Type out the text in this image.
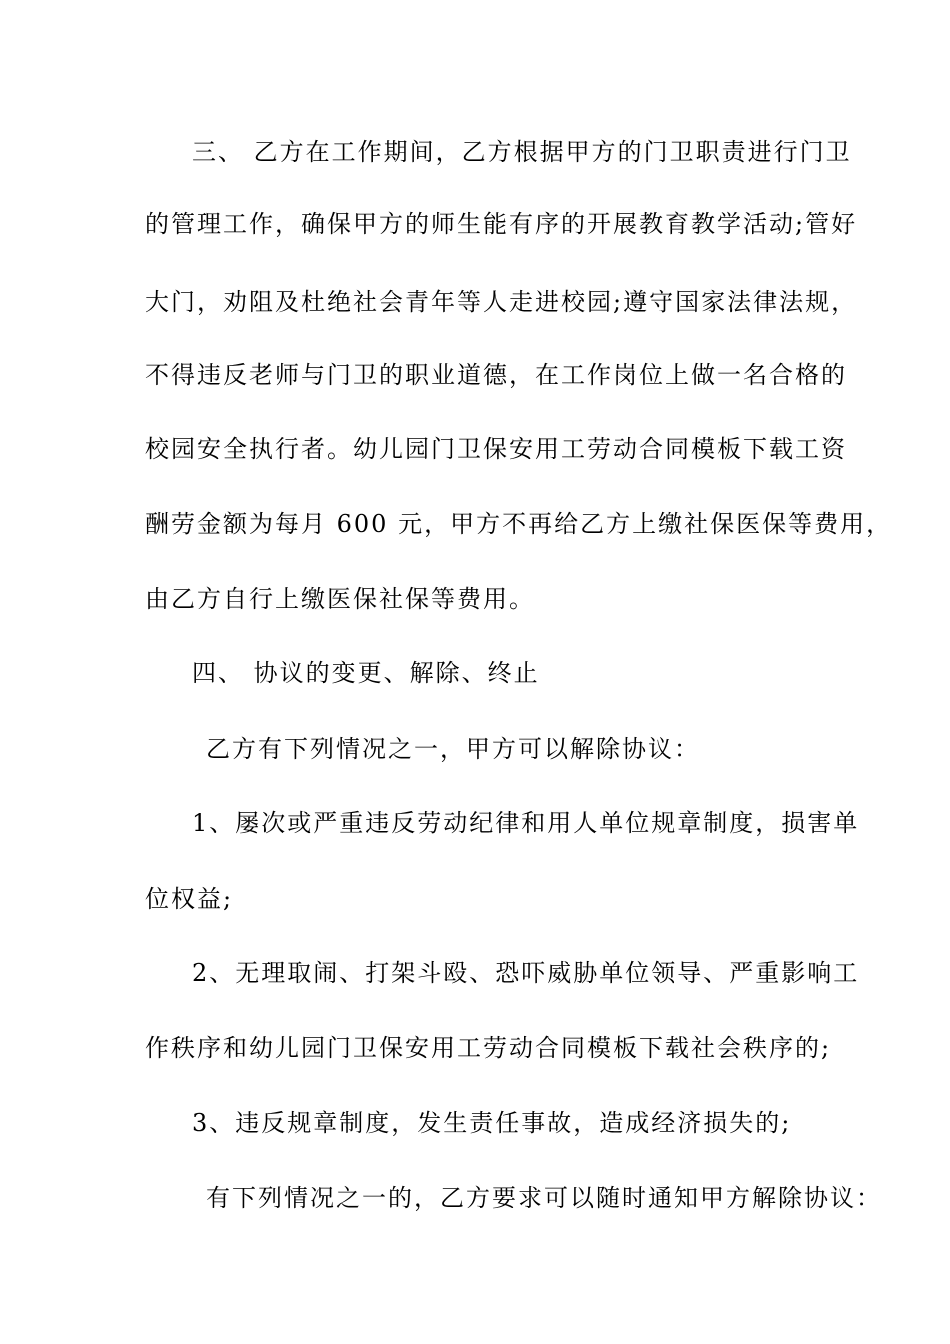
三、 乙方在工作期间，乙方根据甲方的门卫职责进行门卫
的管理工作，确保甲方的师生能有序的开展教育教学活动;管好
大门，劝阻及杜绝社会青年等人走进校园;遵守国家法律法规，
不得违反老师与门卫的职业道德，在工作岗位上做一名合格的
校园安全执行者。幼儿园门卫保安用工劳动合同模板下载工资
酬劳金额为每月 600 元，甲方不再给乙方上缴社保医保等费用，
由乙方自行上缴医保社保等费用。
四、 协议的变更、解除、终止
乙方有下列情况之一，甲方可以解除协议：
1、屡次或严重违反劳动纪律和用人单位规章制度，损害单
位权益;
2、无理取闹、打架斗殴、恐吓威胁单位领导、严重影响工
作秩序和幼儿园门卫保安用工劳动合同模板下载社会秩序的;
3、违反规章制度，发生责任事故，造成经济损失的;
有下列情况之一的，乙方要求可以随时通知甲方解除协议：
